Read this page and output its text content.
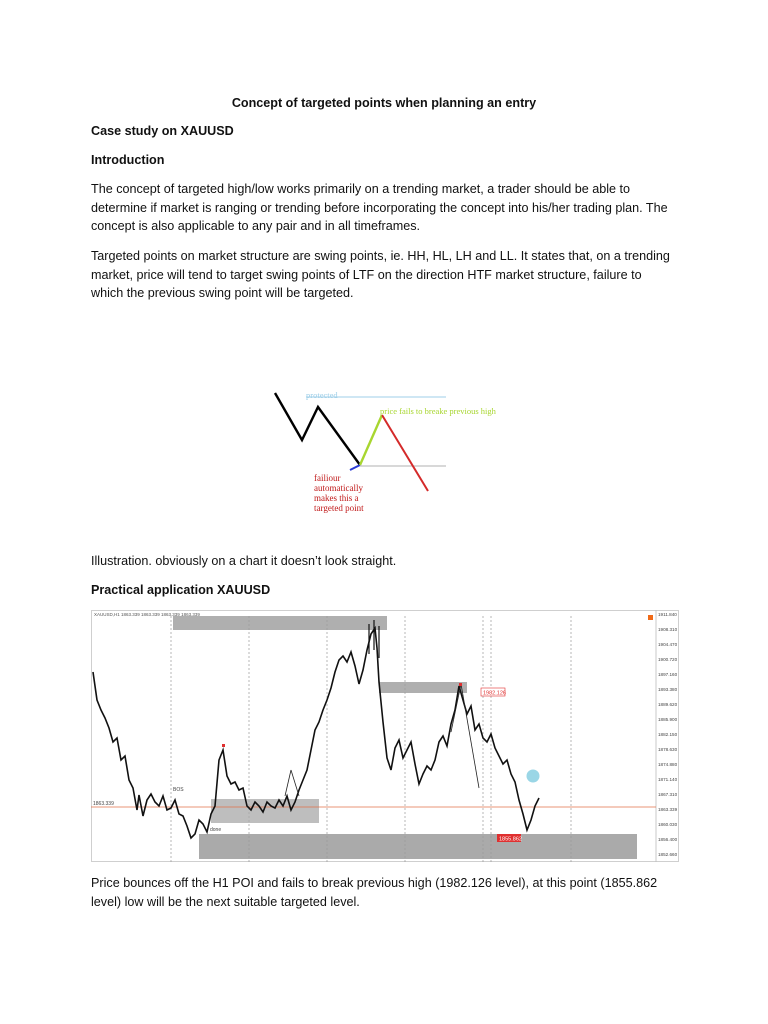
Concept of targeted points when planning an entry

Case study on XAUUSD

Introduction

The concept of targeted high/low works primarily on a trending market, a trader should be able to determine if market is ranging or trending before incorporating the concept into his/her trading plan. The concept is also applicable to any pair and in all timeframes.

Targeted points on market structure are swing points, ie. HH, HL, LH and LL. It states that, on a trending market, price will tend to target swing points of LTF on the direction HTF market structure, failure to which the previous swing point will be targeted.

protected
price fails to breake previous high
failiour
automatically
makes this a
targeted point

Illustration. obviously on a chart it doesn’t look straight.

Practical application XAUUSD

1911.840
1908.310
1904.470
1900.720
1897.160
1893.380
1889.620
1885.900
1882.150
1878.630
1874.880
1871.140
1867.310
1863.339
1860.030
1856.400
1852.660
1982.126
1855.862
1863.339
BOS
done
XAUUSD,H1 1863.339 1863.339 1863.339 1863.339

Price bounces off the H1 POI and fails to break previous high (1982.126 level), at this point (1855.862 level) low will be the next suitable targeted level.
